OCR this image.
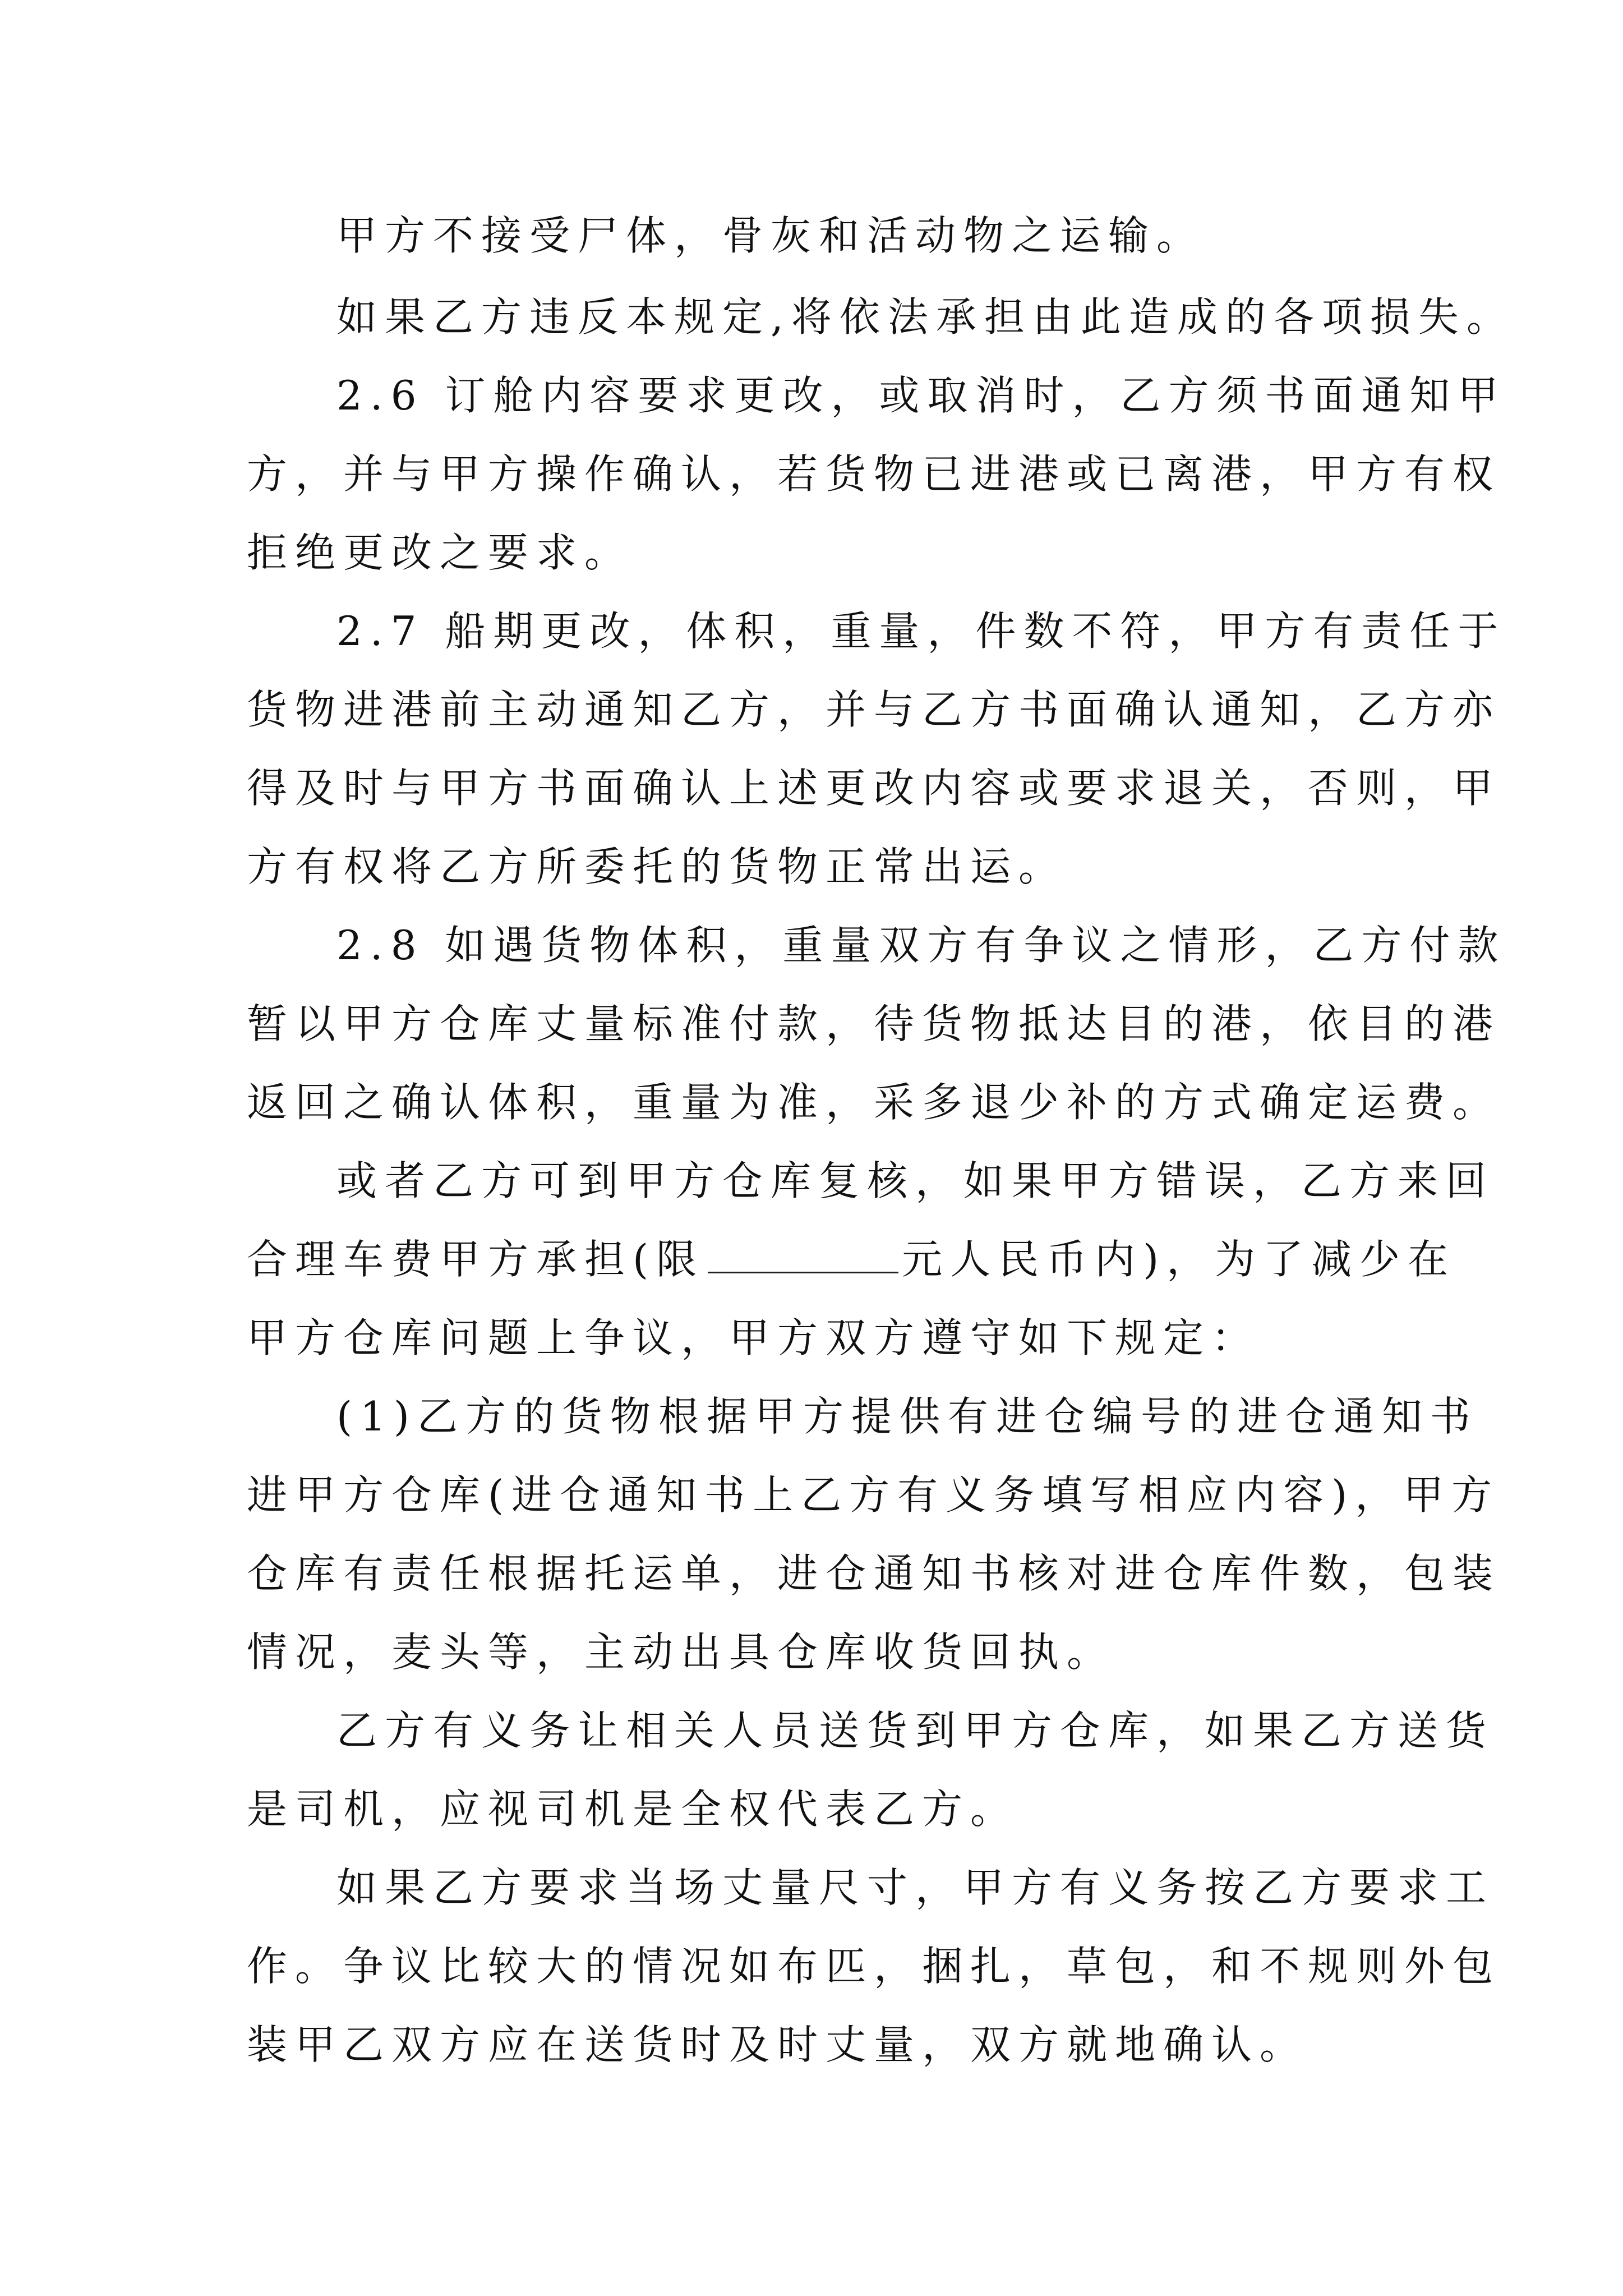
甲方不接受尸体，骨灰和活动物之运输。

如果乙方违反本规定,将依法承担由此造成的各项损失。

2.6 订舱内容要求更改，或取消时，乙方须书面通知甲

方，并与甲方操作确认，若货物已进港或已离港，甲方有权

拒绝更改之要求。

2.7 船期更改，体积，重量，件数不符，甲方有责任于

货物进港前主动通知乙方，并与乙方书面确认通知，乙方亦

得及时与甲方书面确认上述更改内容或要求退关，否则，甲

方有权将乙方所委托的货物正常出运。

2.8 如遇货物体积，重量双方有争议之情形，乙方付款

暂以甲方仓库丈量标准付款，待货物抵达目的港，依目的港

返回之确认体积，重量为准，采多退少补的方式确定运费。

或者乙方可到甲方仓库复核，如果甲方错误，乙方来回

合理车费甲方承担(限	元人民币内)，为了减少在

甲方仓库问题上争议，甲方双方遵守如下规定：

(1)乙方的货物根据甲方提供有进仓编号的进仓通知书

进甲方仓库(进仓通知书上乙方有义务填写相应内容)，甲方

仓库有责任根据托运单，进仓通知书核对进仓库件数，包装

情况，麦头等，主动出具仓库收货回执。

乙方有义务让相关人员送货到甲方仓库，如果乙方送货

是司机，应视司机是全权代表乙方。

如果乙方要求当场丈量尺寸，甲方有义务按乙方要求工

作。争议比较大的情况如布匹，捆扎，草包，和不规则外包

装甲乙双方应在送货时及时丈量，双方就地确认。
